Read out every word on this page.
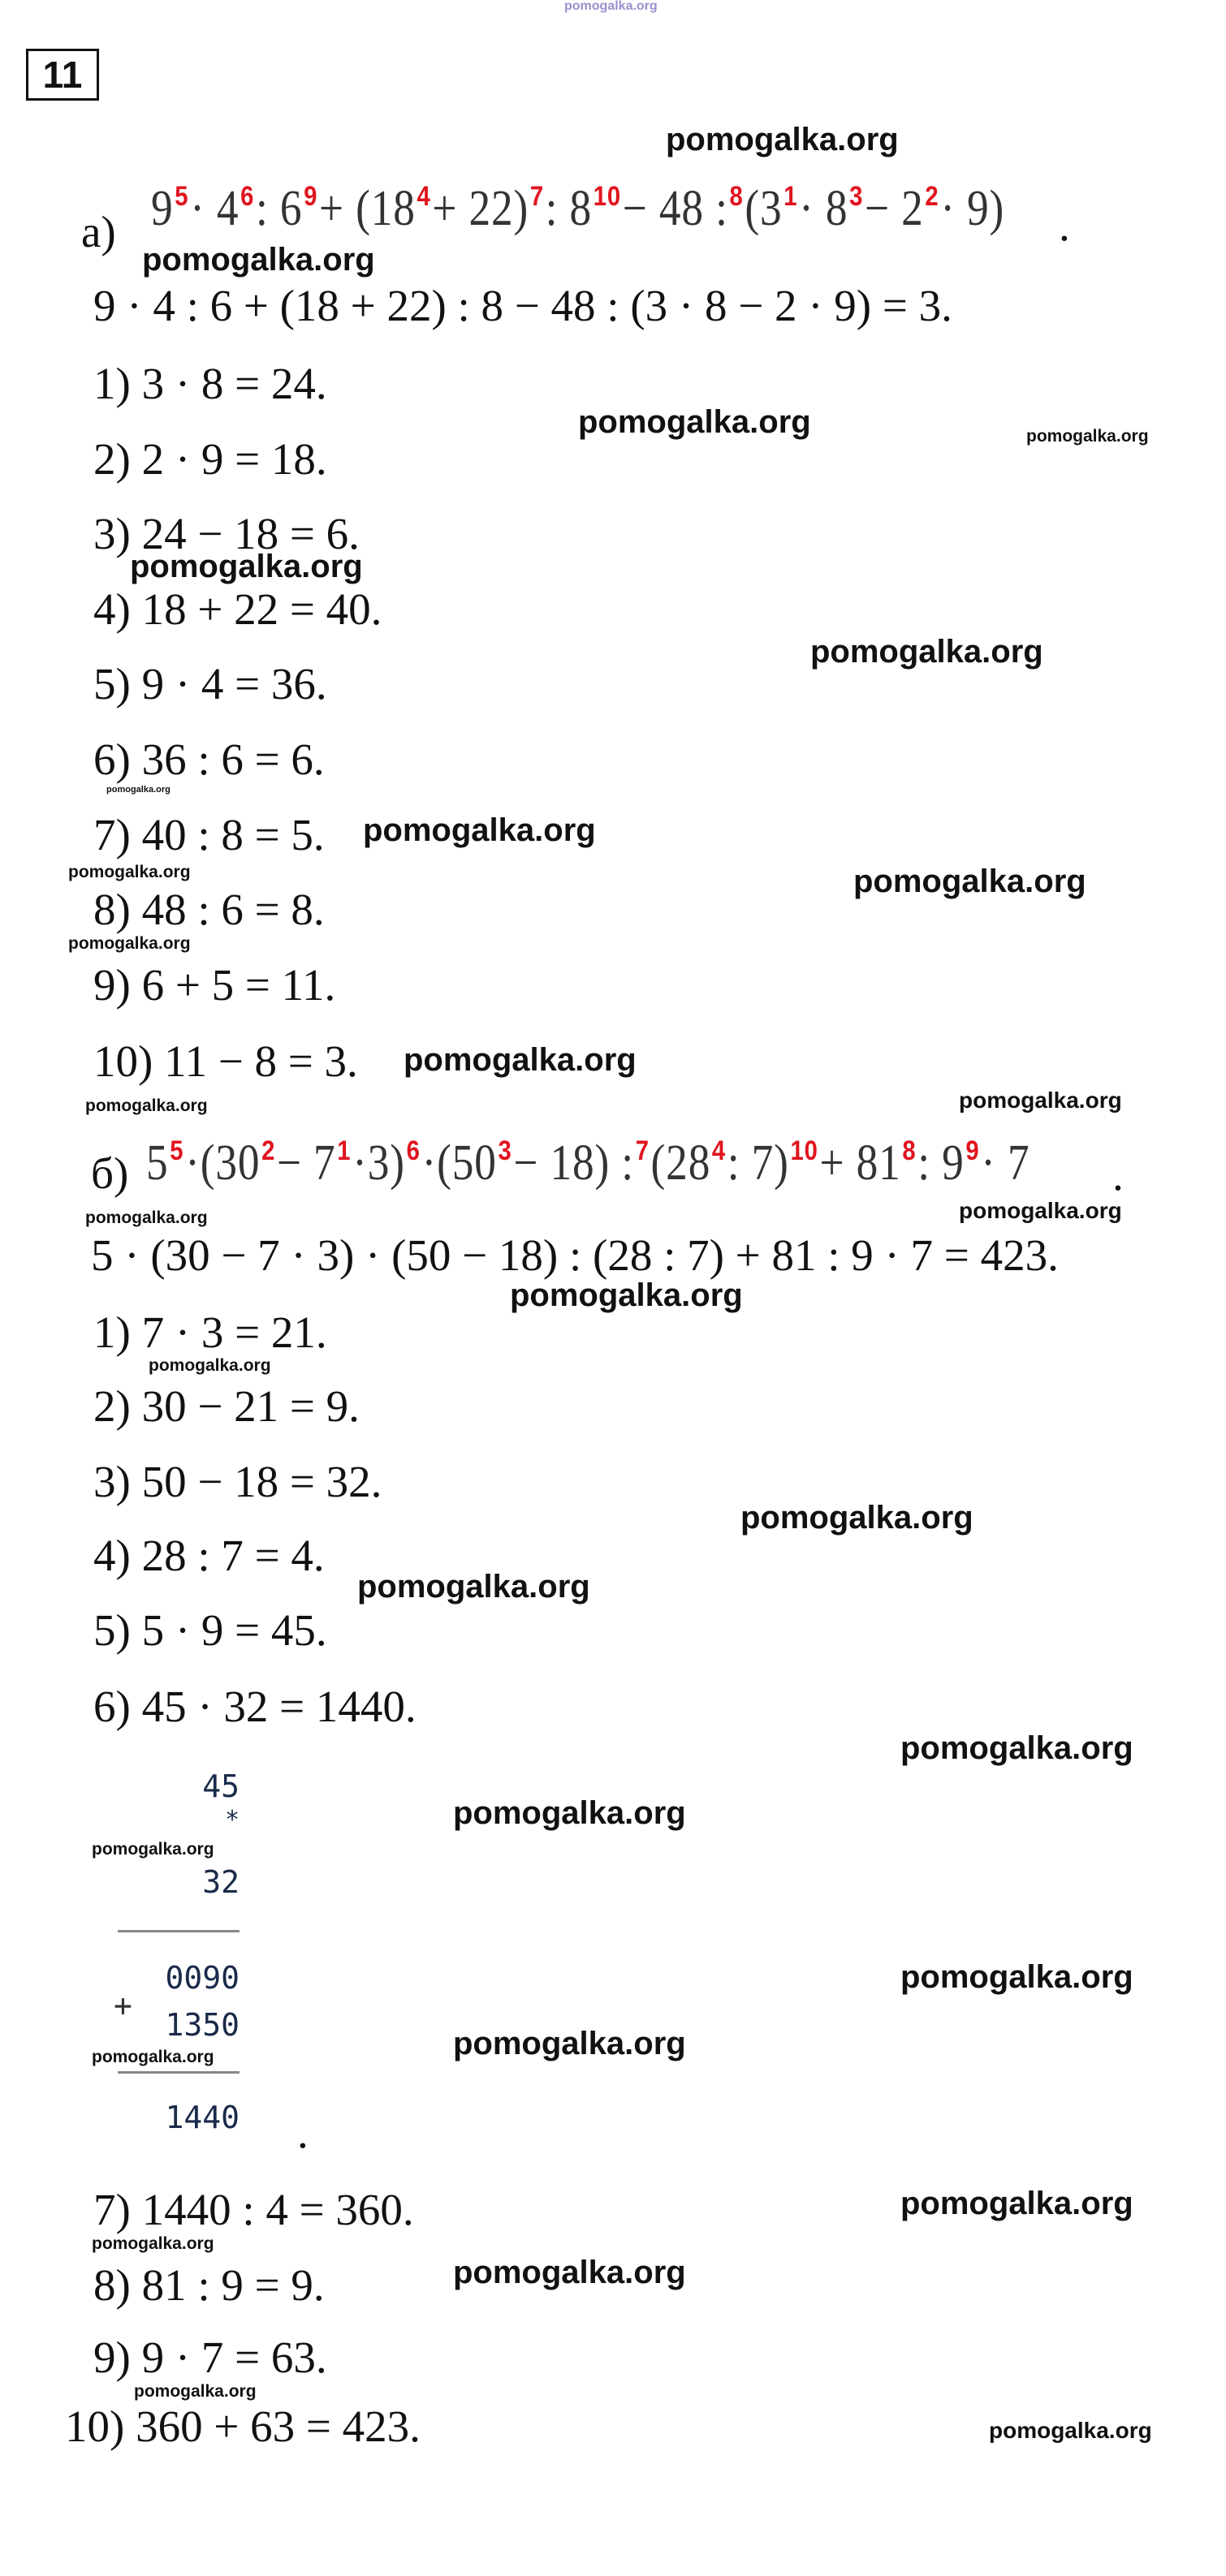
pomogalka.org
11
а) $9^5\cdot 4^6$: $6^9+ (18^4+ 22)^7$: $8^{10}- 48$ $:^8(3^1\cdot 8^3- 2^2\cdot 9)$ .
9 · 4 : 6 + (18 + 22) : 8 − 48 : (3 · 8 − 2 · 9) = 3.
1) 3 · 8 = 24.
2) 2 · 9 = 18.
3) 24 − 18 = 6.
4) 18 + 22 = 40.
5) 9 · 4 = 36.
6) 36 : 6 = 6.
7) 40 : 8 = 5.
8) 48 : 6 = 8.
9) 6 + 5 = 11.
10) 11 − 8 = 3.
б) $5^5\cdot(30^2- 7^1\cdot 3)^6\cdot(50^3- 18)$ $:^7(28^4$: $7)^{10}+ 81^8$: $9^9\cdot 7$ .
5 · (30 − 7 · 3) · (50 − 18) : (28 : 7) + 81 : 9 · 7 = 423.
1) 7 · 3 = 21.
2) 30 − 21 = 9.
3) 50 − 18 = 32.
4) 28 : 7 = 4.
5) 5 · 9 = 45.
6) 45 · 32 = 1440.
45
*
32
0090
+
1350
1440 .
7) 1440 : 4 = 360.
8) 81 : 9 = 9.
9) 9 · 7 = 63.
10) 360 + 63 = 423.
pomogalka.org
pomogalka.org
pomogalka.org	pomogalka.org
pomogalka.org
pomogalka.org
pomogalka.org
pomogalka.org
pomogalka.org	pomogalka.org
pomogalka.org
pomogalka.org
pomogalka.org	pomogalka.org
pomogalka.org
pomogalka.org
pomogalka.org
pomogalka.org
pomogalka.org
pomogalka.org
pomogalka.org
pomogalka.org
pomogalka.org
pomogalka.org
pomogalka.org
pomogalka.org
pomogalka.org
pomogalka.org
pomogalka.org
pomogalka.org
pomogalka.org
